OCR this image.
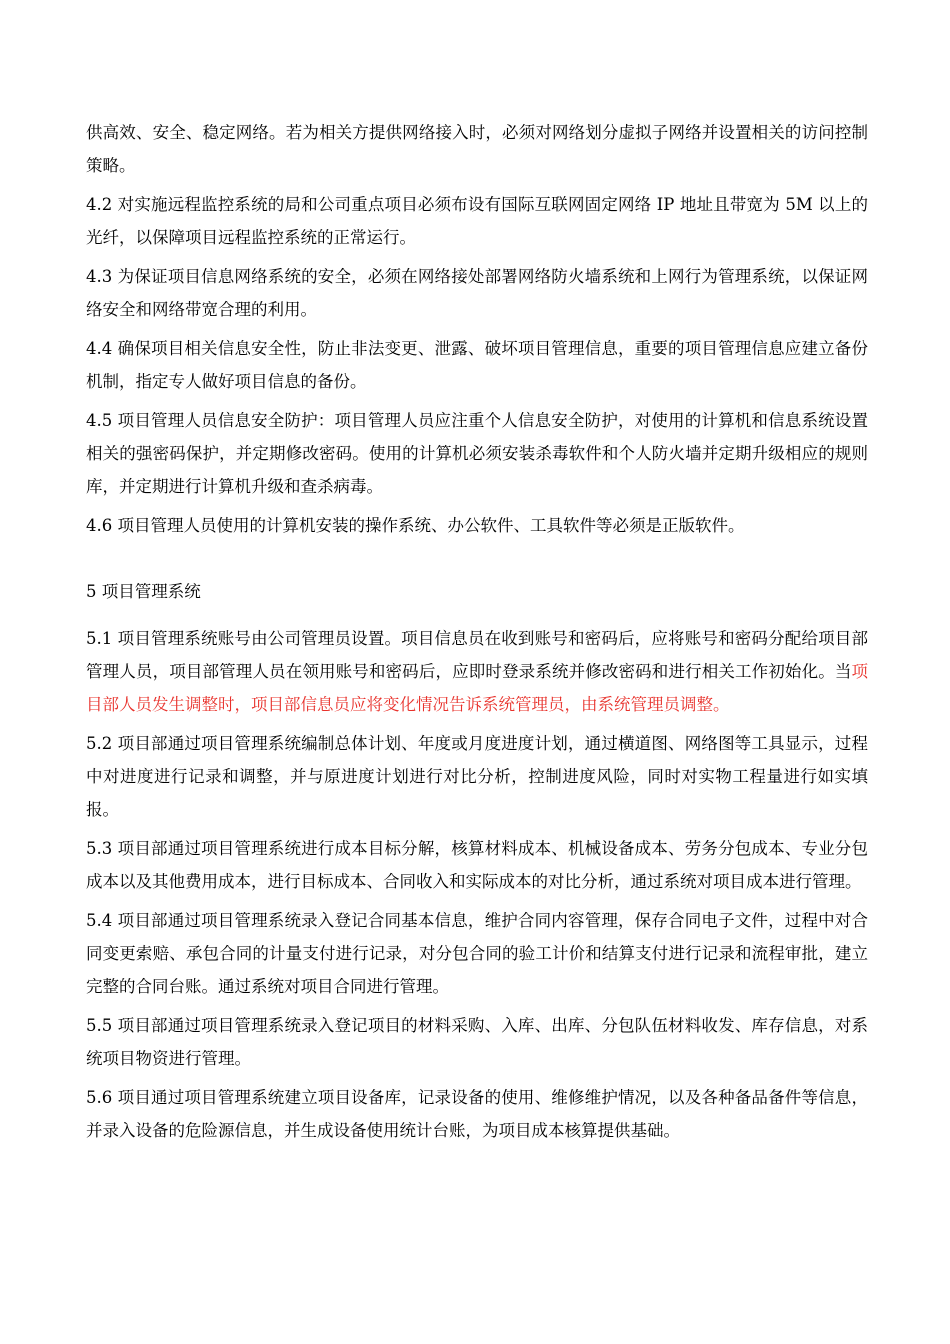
供高效、安全、稳定网络。若为相关方提供网络接入时，必须对网络划分虚拟子网络并设置相关的访问控制策略。

4.2 对实施远程监控系统的局和公司重点项目必须布设有国际互联网固定网络 IP 地址且带宽为 5M 以上的光纤，以保障项目远程监控系统的正常运行。

4.3 为保证项目信息网络系统的安全，必须在网络接处部署网络防火墙系统和上网行为管理系统，以保证网络安全和网络带宽合理的利用。

4.4 确保项目相关信息安全性，防止非法变更、泄露、破坏项目管理信息，重要的项目管理信息应建立备份机制，指定专人做好项目信息的备份。

4.5 项目管理人员信息安全防护：项目管理人员应注重个人信息安全防护，对使用的计算机和信息系统设置相关的强密码保护，并定期修改密码。使用的计算机必须安装杀毒软件和个人防火墙并定期升级相应的规则库，并定期进行计算机升级和查杀病毒。

4.6 项目管理人员使用的计算机安装的操作系统、办公软件、工具软件等必须是正版软件。

5 项目管理系统

5.1 项目管理系统账号由公司管理员设置。项目信息员在收到账号和密码后，应将账号和密码分配给项目部管理人员，项目部管理人员在领用账号和密码后，应即时登录系统并修改密码和进行相关工作初始化。当项目部人员发生调整时，项目部信息员应将变化情况告诉系统管理员，由系统管理员调整。

5.2 项目部通过项目管理系统编制总体计划、年度或月度进度计划，通过横道图、网络图等工具显示，过程中对进度进行记录和调整，并与原进度计划进行对比分析，控制进度风险，同时对实物工程量进行如实填报。

5.3 项目部通过项目管理系统进行成本目标分解，核算材料成本、机械设备成本、劳务分包成本、专业分包成本以及其他费用成本，进行目标成本、合同收入和实际成本的对比分析，通过系统对项目成本进行管理。

5.4 项目部通过项目管理系统录入登记合同基本信息，维护合同内容管理，保存合同电子文件，过程中对合同变更索赔、承包合同的计量支付进行记录，对分包合同的验工计价和结算支付进行记录和流程审批，建立完整的合同台账。通过系统对项目合同进行管理。

5.5 项目部通过项目管理系统录入登记项目的材料采购、入库、出库、分包队伍材料收发、库存信息，对系统项目物资进行管理。

5.6 项目通过项目管理系统建立项目设备库，记录设备的使用、维修维护情况，以及各种备品备件等信息，并录入设备的危险源信息，并生成设备使用统计台账，为项目成本核算提供基础。
